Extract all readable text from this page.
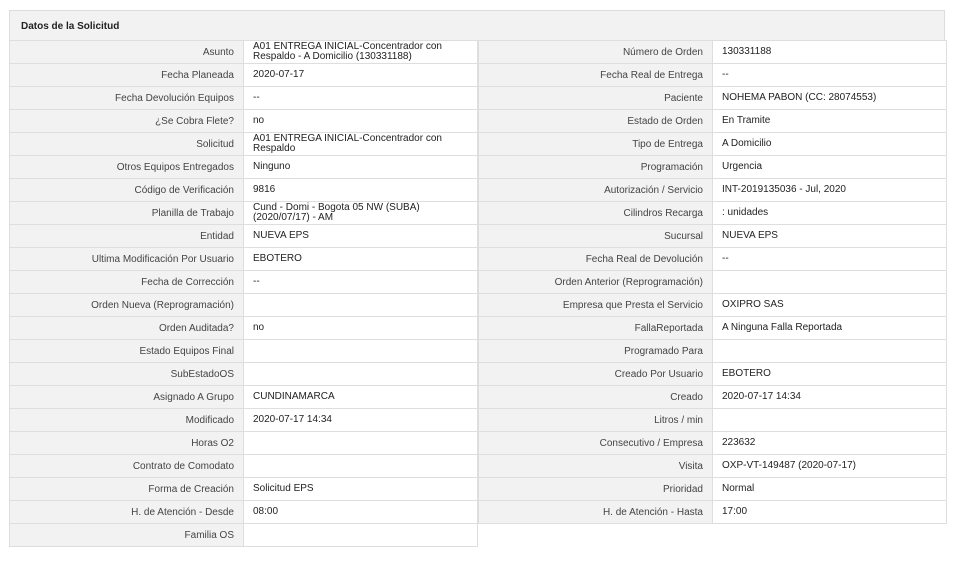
Datos de la Solicitud
Asunto	A01 ENTREGA INICIAL-Concentrador con
Respaldo - A Domicilio (130331188)
Fecha Planeada	2020-07-17
Fecha Devolución Equipos	--
¿Se Cobra Flete?	no
Solicitud	A01 ENTREGA INICIAL-Concentrador con
Respaldo
Otros Equipos Entregados	Ninguno
Código de Verificación	9816
Planilla de Trabajo	Cund - Domi - Bogota 05 NW (SUBA)
(2020/07/17) - AM
Entidad	NUEVA EPS
Ultima Modificación Por Usuario	EBOTERO
Fecha de Corrección	--
Orden Nueva (Reprogramación)
Orden Auditada?	no
Estado Equipos Final
SubEstadoOS
Asignado A Grupo	CUNDINAMARCA
Modificado	2020-07-17 14:34
Horas O2
Contrato de Comodato
Forma de Creación	Solicitud EPS
H. de Atención - Desde	08:00
Familia OS
Número de Orden	130331188
Fecha Real de Entrega	--
Paciente	NOHEMA PABON (CC: 28074553)
Estado de Orden	En Tramite
Tipo de Entrega	A Domicilio
Programación	Urgencia
Autorización / Servicio	INT-2019135036 - Jul, 2020
Cilindros Recarga	: unidades
Sucursal	NUEVA EPS
Fecha Real de Devolución	--
Orden Anterior (Reprogramación)
Empresa que Presta el Servicio	OXIPRO SAS
FallaReportada	A Ninguna Falla Reportada
Programado Para
Creado Por Usuario	EBOTERO
Creado	2020-07-17 14:34
Litros / min
Consecutivo / Empresa	223632
Visita	OXP-VT-149487 (2020-07-17)
Prioridad	Normal
H. de Atención - Hasta	17:00
